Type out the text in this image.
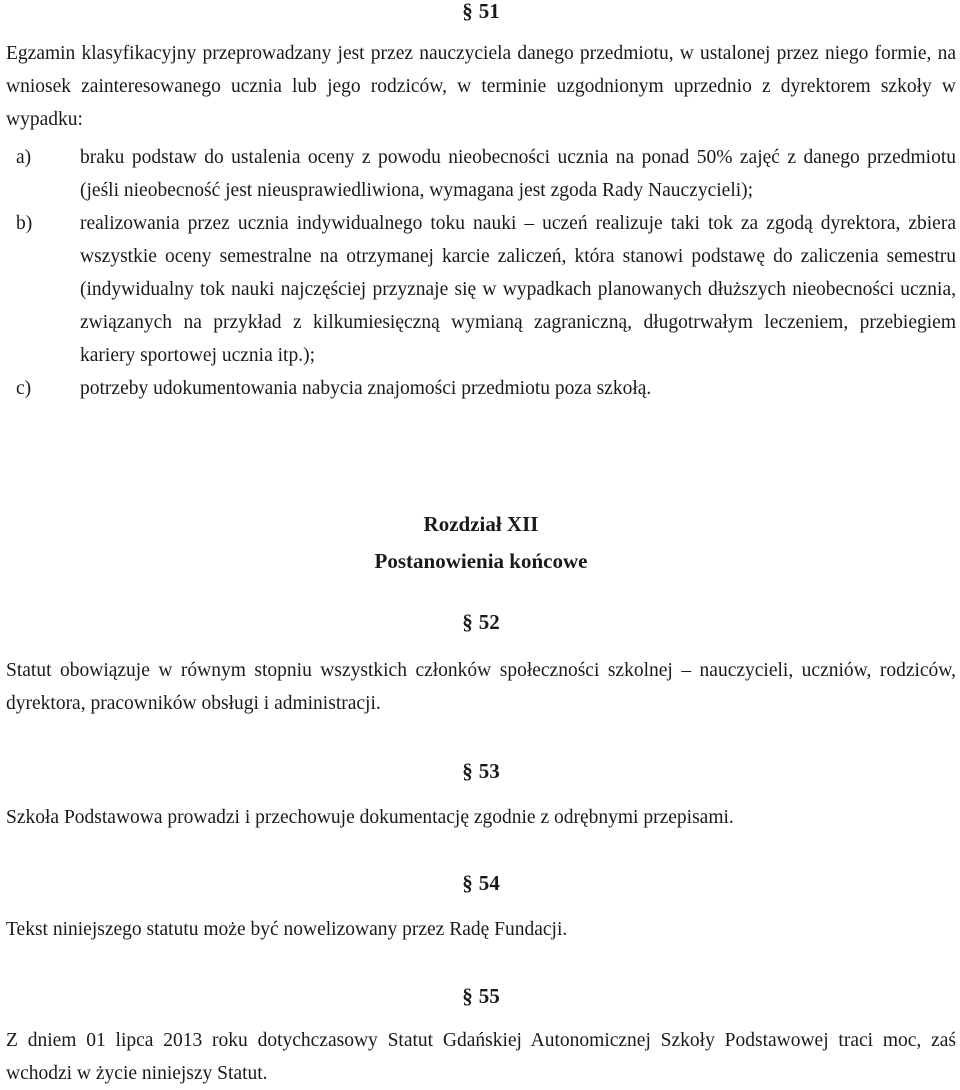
§ 51

Egzamin klasyfikacyjny przeprowadzany jest przez nauczyciela danego przedmiotu, w ustalonej przez niego formie, na wniosek zainteresowanego ucznia lub jego rodziców, w terminie uzgodnionym uprzednio z dyrektorem szkoły w wypadku:

a)	braku podstaw do ustalenia oceny z powodu nieobecności ucznia na ponad 50% zajęć z danego przedmiotu (jeśli nieobecność jest nieusprawiedliwiona, wymagana jest zgoda Rady Nauczycieli);
b)	realizowania przez ucznia indywidualnego toku nauki – uczeń realizuje taki tok za zgodą dyrektora, zbiera wszystkie oceny semestralne na otrzymanej karcie zaliczeń, która stanowi podstawę do zaliczenia semestru (indywidualny tok nauki najczęściej przyznaje się w wypadkach planowanych dłuższych nieobecności ucznia, związanych na przykład z kilkumiesięczną wymianą zagraniczną, długotrwałym leczeniem, przebiegiem kariery sportowej ucznia itp.);
c)	potrzeby udokumentowania nabycia znajomości przedmiotu poza szkołą.
Rozdział XII
Postanowienia końcowe
§ 52

Statut obowiązuje w równym stopniu wszystkich członków społeczności szkolnej – nauczycieli, uczniów, rodziców, dyrektora, pracowników obsługi i administracji.

§ 53

Szkoła Podstawowa prowadzi i przechowuje dokumentację zgodnie z odrębnymi przepisami.

§ 54

Tekst niniejszego statutu może być nowelizowany przez Radę Fundacji.

§ 55

Z dniem 01 lipca 2013 roku dotychczasowy Statut Gdańskiej Autonomicznej Szkoły Podstawowej traci moc, zaś wchodzi w życie niniejszy Statut.
